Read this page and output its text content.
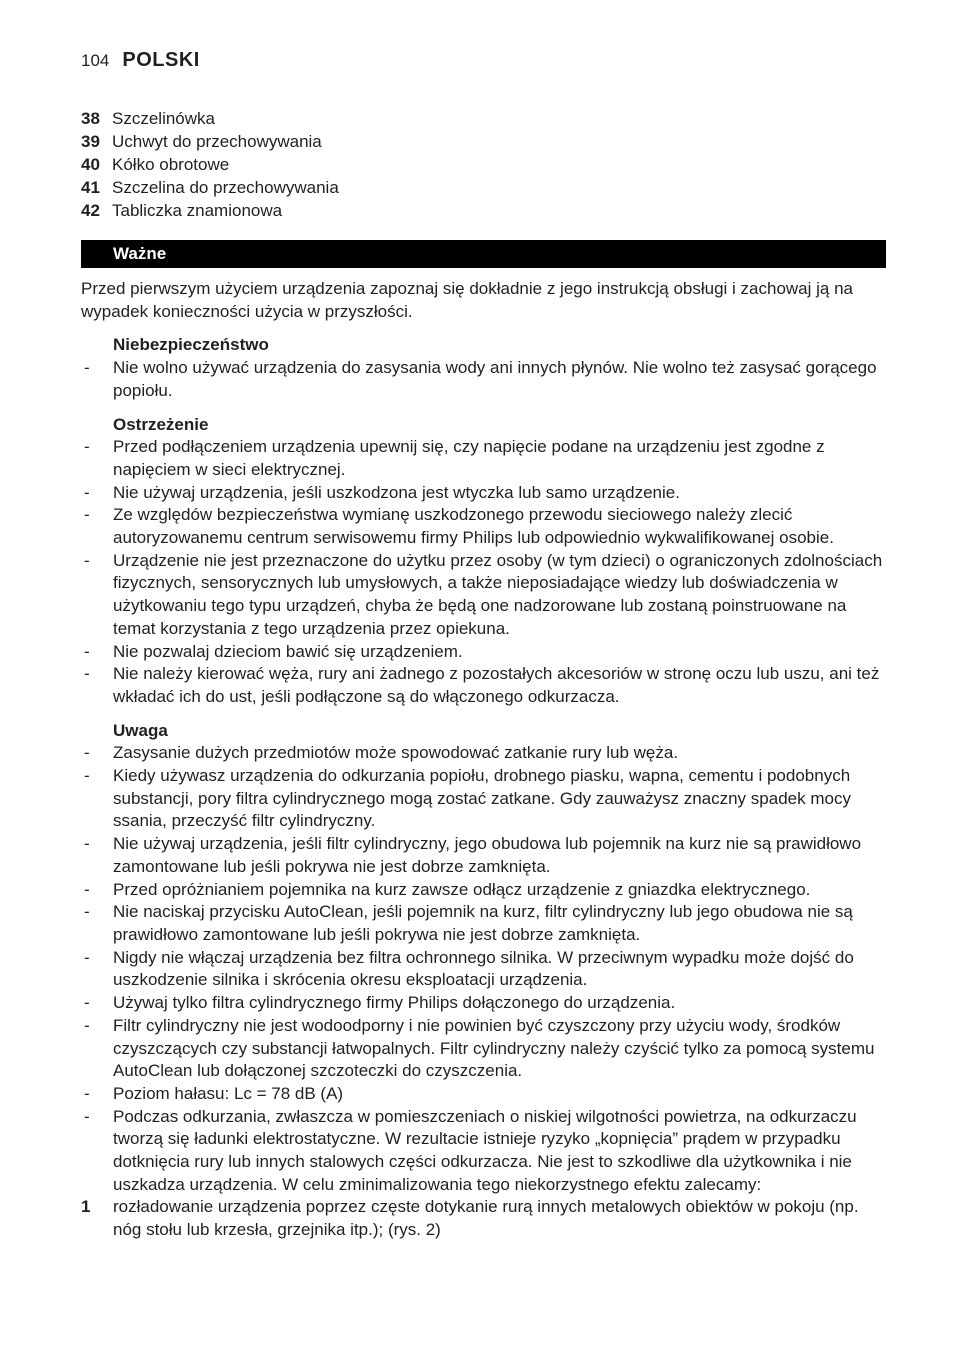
104 POLSKI
38 Szczelinówka
39 Uchwyt do przechowywania
40 Kółko obrotowe
41 Szczelina do przechowywania
42 Tabliczka znamionowa
Ważne

Przed pierwszym użyciem urządzenia zapoznaj się dokładnie z jego instrukcją obsługi i zachowaj ją na wypadek konieczności użycia w przyszłości.

Niebezpieczeństwo

- Nie wolno używać urządzenia do zasysania wody ani innych płynów. Nie wolno też zasysać gorącego popiołu.

Ostrzeżenie

- Przed podłączeniem urządzenia upewnij się, czy napięcie podane na urządzeniu jest zgodne z napięciem w sieci elektrycznej.

- Nie używaj urządzenia, jeśli uszkodzona jest wtyczka lub samo urządzenie.

- Ze względów bezpieczeństwa wymianę uszkodzonego przewodu sieciowego należy zlecić autoryzowanemu centrum serwisowemu firmy Philips lub odpowiednio wykwalifikowanej osobie.

- Urządzenie nie jest przeznaczone do użytku przez osoby (w tym dzieci) o ograniczonych zdolnościach fizycznych, sensorycznych lub umysłowych, a także nieposiadające wiedzy lub doświadczenia w użytkowaniu tego typu urządzeń, chyba że będą one nadzorowane lub zostaną poinstruowane na temat korzystania z tego urządzenia przez opiekuna.

- Nie pozwalaj dzieciom bawić się urządzeniem.

- Nie należy kierować węża, rury ani żadnego z pozostałych akcesoriów w stronę oczu lub uszu, ani też wkładać ich do ust, jeśli podłączone są do włączonego odkurzacza.

Uwaga

- Zasysanie dużych przedmiotów może spowodować zatkanie rury lub węża.

- Kiedy używasz urządzenia do odkurzania popiołu, drobnego piasku, wapna, cementu i podobnych substancji, pory filtra cylindrycznego mogą zostać zatkane. Gdy zauważysz znaczny spadek mocy ssania, przeczyść filtr cylindryczny.

- Nie używaj urządzenia, jeśli filtr cylindryczny, jego obudowa lub pojemnik na kurz nie są prawidłowo zamontowane lub jeśli pokrywa nie jest dobrze zamknięta.

- Przed opróżnianiem pojemnika na kurz zawsze odłącz urządzenie z gniazdka elektrycznego.

- Nie naciskaj przycisku AutoClean, jeśli pojemnik na kurz, filtr cylindryczny lub jego obudowa nie są prawidłowo zamontowane lub jeśli pokrywa nie jest dobrze zamknięta.

- Nigdy nie włączaj urządzenia bez filtra ochronnego silnika. W przeciwnym wypadku może dojść do uszkodzenie silnika i skrócenia okresu eksploatacji urządzenia.

- Używaj tylko filtra cylindrycznego firmy Philips dołączonego do urządzenia.

- Filtr cylindryczny nie jest wodoodporny i nie powinien być czyszczony przy użyciu wody, środków czyszczących czy substancji łatwopalnych. Filtr cylindryczny należy czyścić tylko za pomocą systemu AutoClean lub dołączonej szczoteczki do czyszczenia.

- Poziom hałasu: Lc = 78 dB (A)

- Podczas odkurzania, zwłaszcza w pomieszczeniach o niskiej wilgotności powietrza, na odkurzaczu tworzą się ładunki elektrostatyczne. W rezultacie istnieje ryzyko „kopnięcia” prądem w przypadku dotknięcia rury lub innych stalowych części odkurzacza. Nie jest to szkodliwe dla użytkownika i nie uszkadza urządzenia. W celu zminimalizowania tego niekorzystnego efektu zalecamy:

1 rozładowanie urządzenia poprzez częste dotykanie rurą innych metalowych obiektów w pokoju (np. nóg stołu lub krzesła, grzejnika itp.); (rys. 2)
